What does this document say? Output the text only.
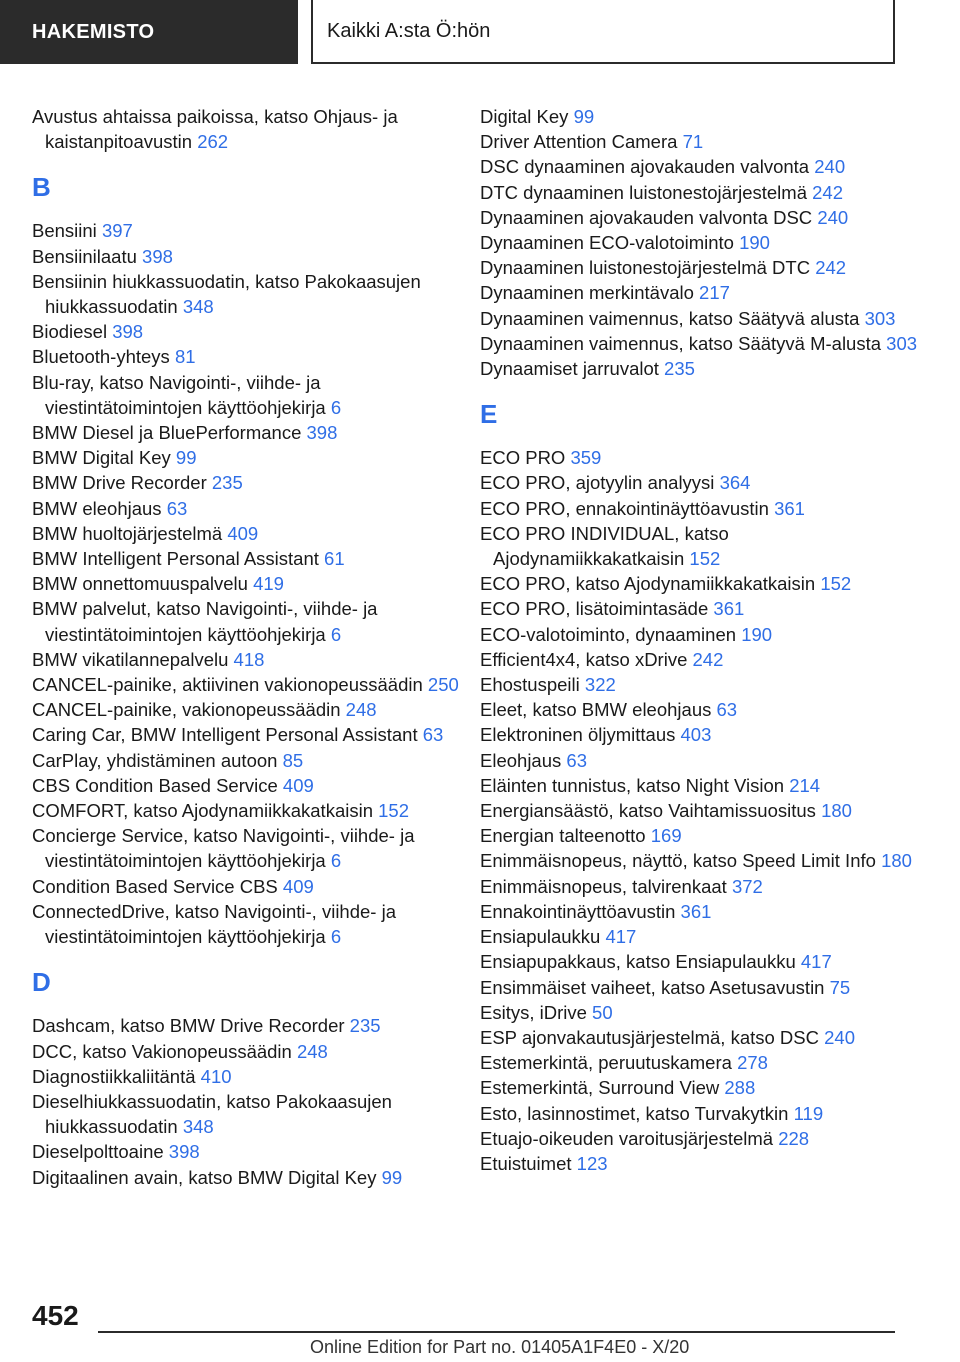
HAKEMISTO	Kaikki A:sta Ö:hön
Avustus ahtaissa paikoissa, katso Ohjaus- ja kaistanpitoavustin 262
B
Bensiini 397
Bensiinilaatu 398
Bensiinin hiukkassuodatin, katso Pakokaasujen hiukkassuodatin 348
Biodiesel 398
Bluetooth-yhteys 81
Blu-ray, katso Navigointi-, viihde- ja viestintätoimintojen käyttöohjekirja 6
BMW Diesel ja BluePerformance 398
BMW Digital Key 99
BMW Drive Recorder 235
BMW eleohjaus 63
BMW huoltojärjestelmä 409
BMW Intelligent Personal Assistant 61
BMW onnettomuuspalvelu 419
BMW palvelut, katso Navigointi-, viihde- ja viestintätoimintojen käyttöohjekirja 6
BMW vikatilannepalvelu 418
CANCEL-painike, aktiivinen vakionopeussäädin 250
CANCEL-painike, vakionopeussäädin 248
Caring Car, BMW Intelligent Personal Assistant 63
CarPlay, yhdistäminen autoon 85
CBS Condition Based Service 409
COMFORT, katso Ajodynamiikkakatkaisin 152
Concierge Service, katso Navigointi-, viihde- ja viestintätoimintojen käyttöohjekirja 6
Condition Based Service CBS 409
ConnectedDrive, katso Navigointi-, viihde- ja viestintätoimintojen käyttöohjekirja 6
D
Dashcam, katso BMW Drive Recorder 235
DCC, katso Vakionopeussäädin 248
Diagnostiikkaliitäntä 410
Dieselhiukkassuodatin, katso Pakokaasujen hiukkassuodatin 348
Dieselpolttoaine 398
Digitaalinen avain, katso BMW Digital Key 99
Digital Key 99
Driver Attention Camera 71
DSC dynaaminen ajovakauden valvonta 240
DTC dynaaminen luistonestojärjestelmä 242
Dynaaminen ajovakauden valvonta DSC 240
Dynaaminen ECO-valotoiminto 190
Dynaaminen luistonestojärjestelmä DTC 242
Dynaaminen merkintävalo 217
Dynaaminen vaimennus, katso Säätyvä alusta 303
Dynaaminen vaimennus, katso Säätyvä M-alusta 303
Dynaamiset jarruvalot 235
E
ECO PRO 359
ECO PRO, ajotyylin analyysi 364
ECO PRO, ennakointinäyttöavustin 361
ECO PRO INDIVIDUAL, katso Ajodynamiikkakatkaisin 152
ECO PRO, katso Ajodynamiikkakatkaisin 152
ECO PRO, lisätoimintasäde 361
ECO-valotoiminto, dynaaminen 190
Efficient4x4, katso xDrive 242
Ehostuspeili 322
Eleet, katso BMW eleohjaus 63
Elektroninen öljymittaus 403
Eleohjaus 63
Eläinten tunnistus, katso Night Vision 214
Energiansäästö, katso Vaihtamissuositus 180
Energian talteenotto 169
Enimmäisnopeus, näyttö, katso Speed Limit Info 180
Enimmäisnopeus, talvirenkaat 372
Ennakointinäyttöavustin 361
Ensiapulaukku 417
Ensiapupakkaus, katso Ensiapulaukku 417
Ensimmäiset vaiheet, katso Asetusavustin 75
Esitys, iDrive 50
ESP ajonvakautusjärjestelmä, katso DSC 240
Estemerkintä, peruutuskamera 278
Estemerkintä, Surround View 288
Esto, lasinnostimet, katso Turvakytkin 119
Etuajo-oikeuden varoitusjärjestelmä 228
Etuistuimet 123
452
Online Edition for Part no. 01405A1F4E0 - X/20
